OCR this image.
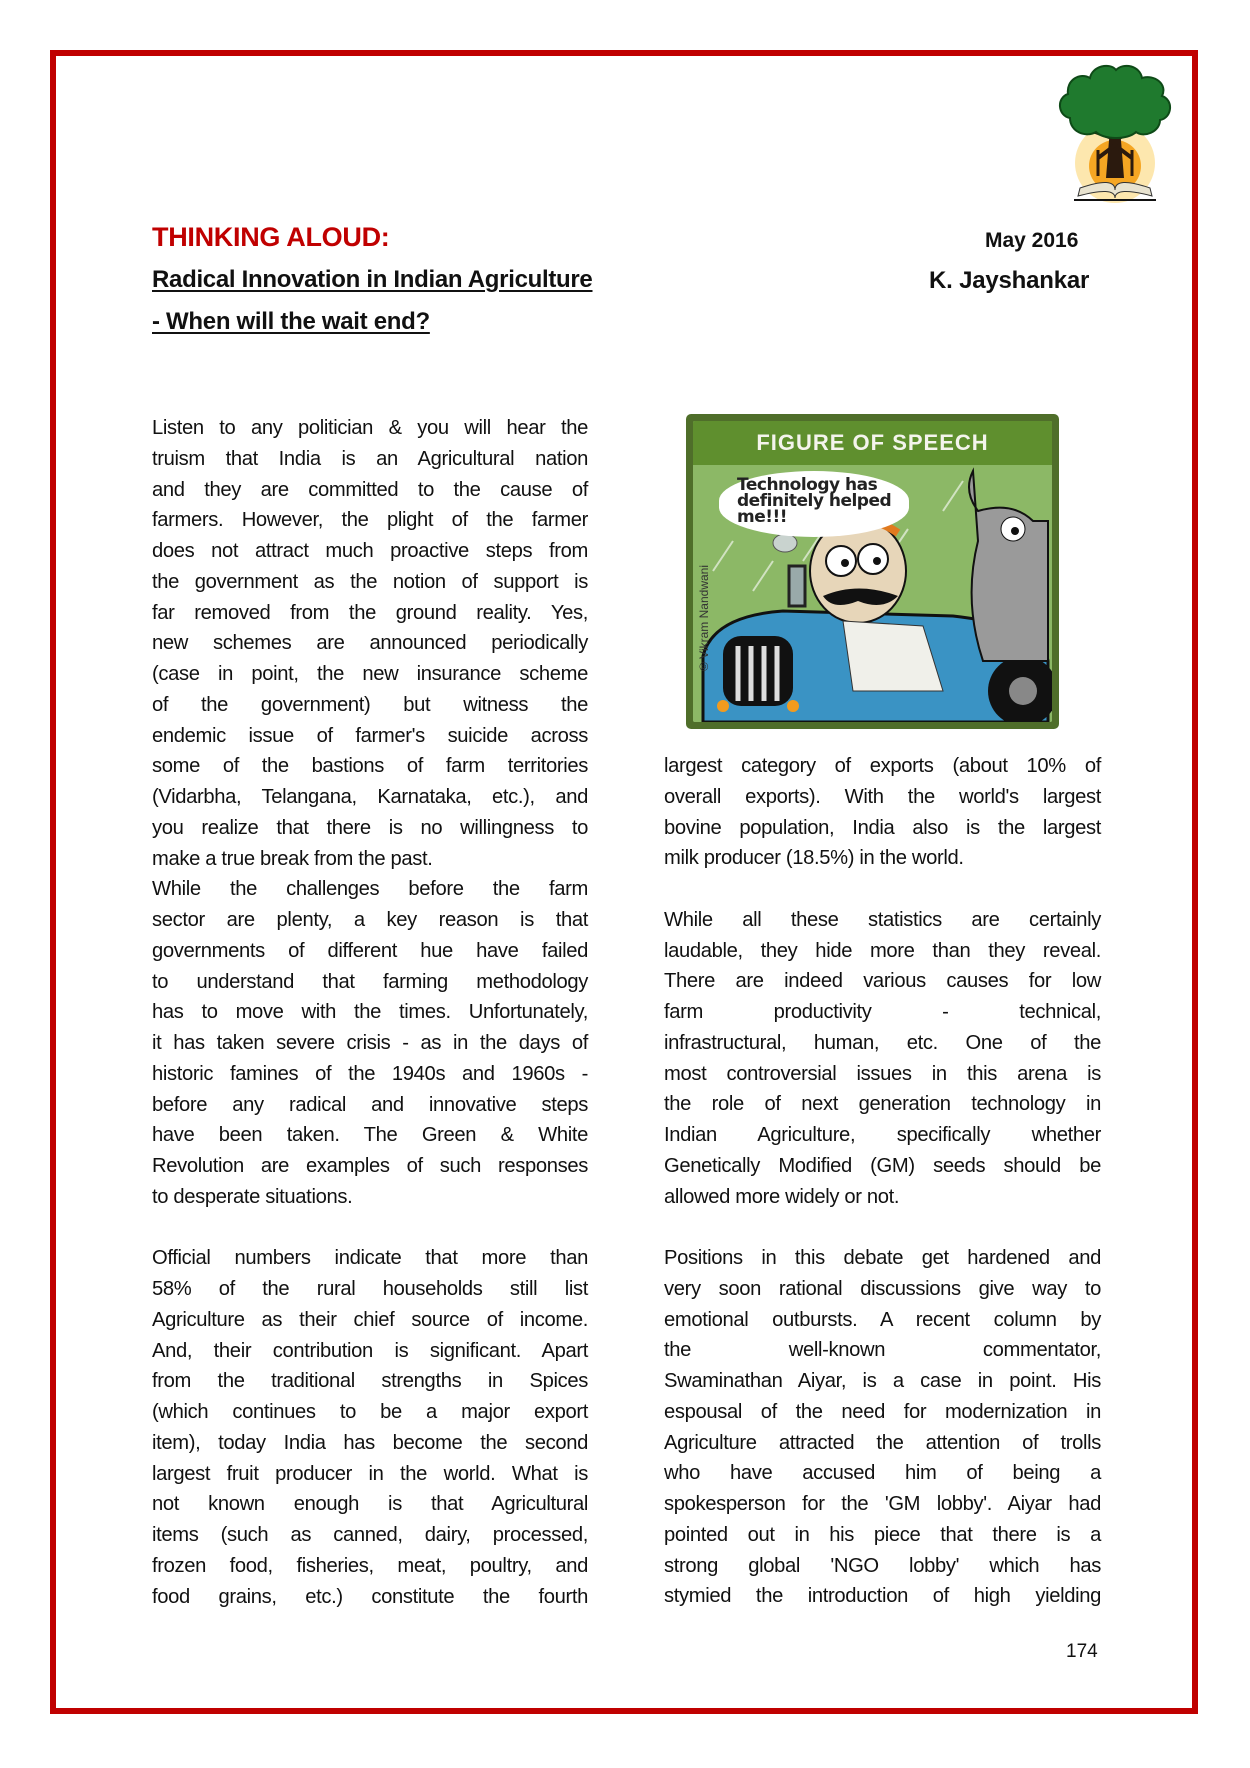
THINKING ALOUD:	May 2016
Radical Innovation in Indian Agriculture
- When will the wait end?
K. Jayshankar
FIGURE OF SPEECH
Technology has
definitely helped
me!!!
© Vikram Nandwani
Listen to any politician & you will hear the
truism that India is an Agricultural nation
and they are committed to the cause of
farmers. However, the plight of the farmer
does not attract much proactive steps from
the government as the notion of support is
far removed from the ground reality. Yes,
new schemes are announced periodically
(case in point, the new insurance scheme
of the government) but witness the
endemic issue of farmer's suicide across
some of the bastions of farm territories
(Vidarbha, Telangana, Karnataka, etc.), and
you realize that there is no willingness to
make a true break from the past.
While the challenges before the farm
sector are plenty, a key reason is that
governments of different hue have failed
to understand that farming methodology
has to move with the times. Unfortunately,
it has taken severe crisis - as in the days of
historic famines of the 1940s and 1960s -
before any radical and innovative steps
have been taken. The Green & White
Revolution are examples of such responses
to desperate situations.
Official numbers indicate that more than
58% of the rural households still list
Agriculture as their chief source of income.
And, their contribution is significant. Apart
from the traditional strengths in Spices
(which continues to be a major export
item), today India has become the second
largest fruit producer in the world. What is
not known enough is that Agricultural
items (such as canned, dairy, processed,
frozen food, fisheries, meat, poultry, and
food grains, etc.) constitute the fourth
largest category of exports (about 10% of
overall exports). With the world's largest
bovine population, India also is the largest
milk producer (18.5%) in the world.
While all these statistics are certainly
laudable, they hide more than they reveal.
There are indeed various causes for low
farm productivity - technical,
infrastructural, human, etc. One of the
most controversial issues in this arena is
the role of next generation technology in
Indian Agriculture, specifically whether
Genetically Modified (GM) seeds should be
allowed more widely or not.
Positions in this debate get hardened and
very soon rational discussions give way to
emotional outbursts. A recent column by
the well-known commentator,
Swaminathan Aiyar, is a case in point. His
espousal of the need for modernization in
Agriculture attracted the attention of trolls
who have accused him of being a
spokesperson for the 'GM lobby'. Aiyar had
pointed out in his piece that there is a
strong global 'NGO lobby' which has
stymied the introduction of high yielding
174
